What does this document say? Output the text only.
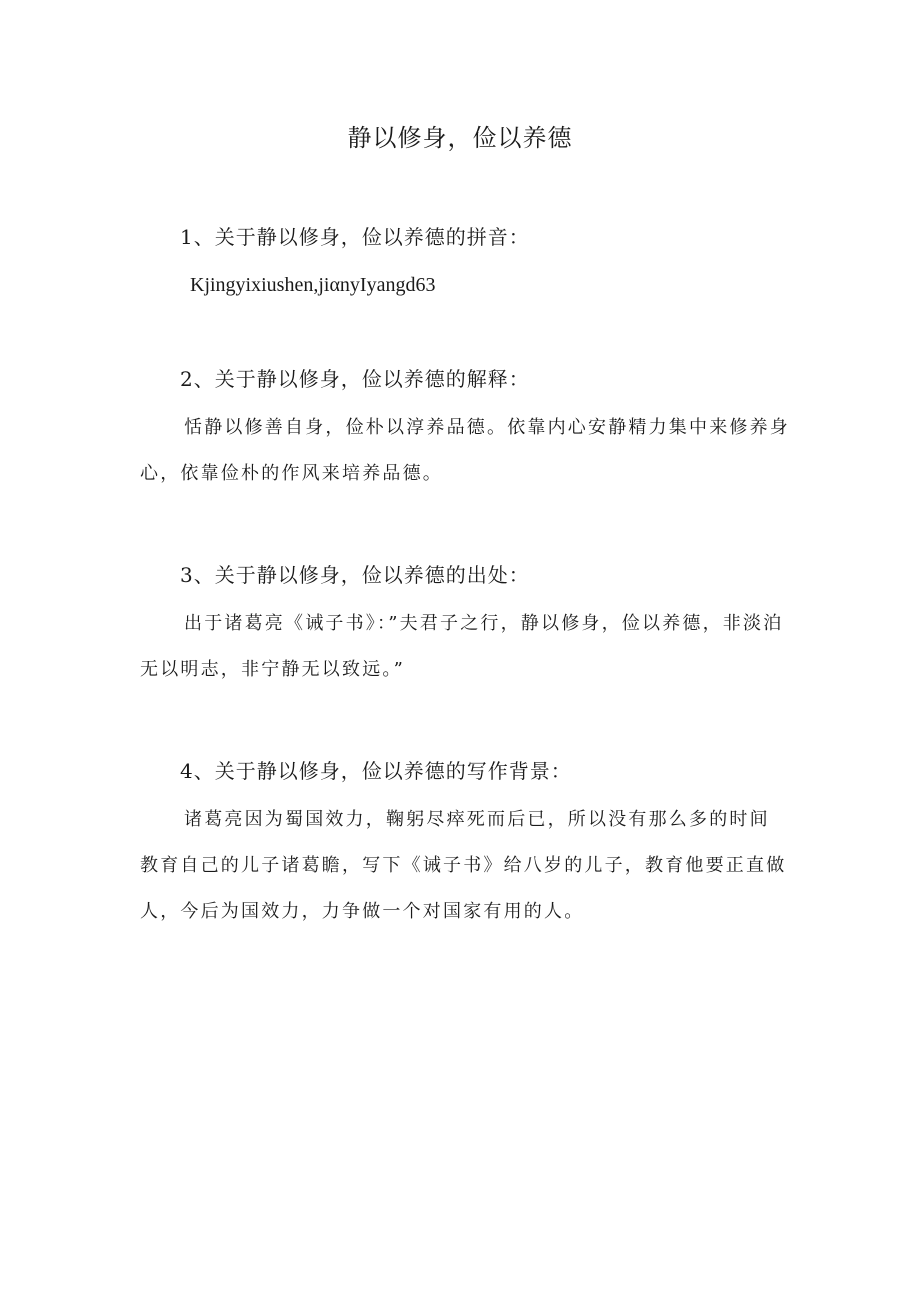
静以修身，俭以养德
1、关于静以修身，俭以养德的拼音：
Kjingyixiushen,jiαnyIyangd63
2、关于静以修身，俭以养德的解释：

恬静以修善自身，俭朴以淳养品德。依靠内心安静精力集中来修养身心，依靠俭朴的作风来培养品德。

3、关于静以修身，俭以养德的出处：

出于诸葛亮《诫子书》：”夫君子之行，静以修身，俭以养德，非淡泊无以明志，非宁静无以致远。”

4、关于静以修身，俭以养德的写作背景：

诸葛亮因为蜀国效力，鞠躬尽瘁死而后已，所以没有那么多的时间教育自己的儿子诸葛瞻，写下《诫子书》给八岁的儿子，教育他要正直做人，今后为国效力，力争做一个对国家有用的人。
